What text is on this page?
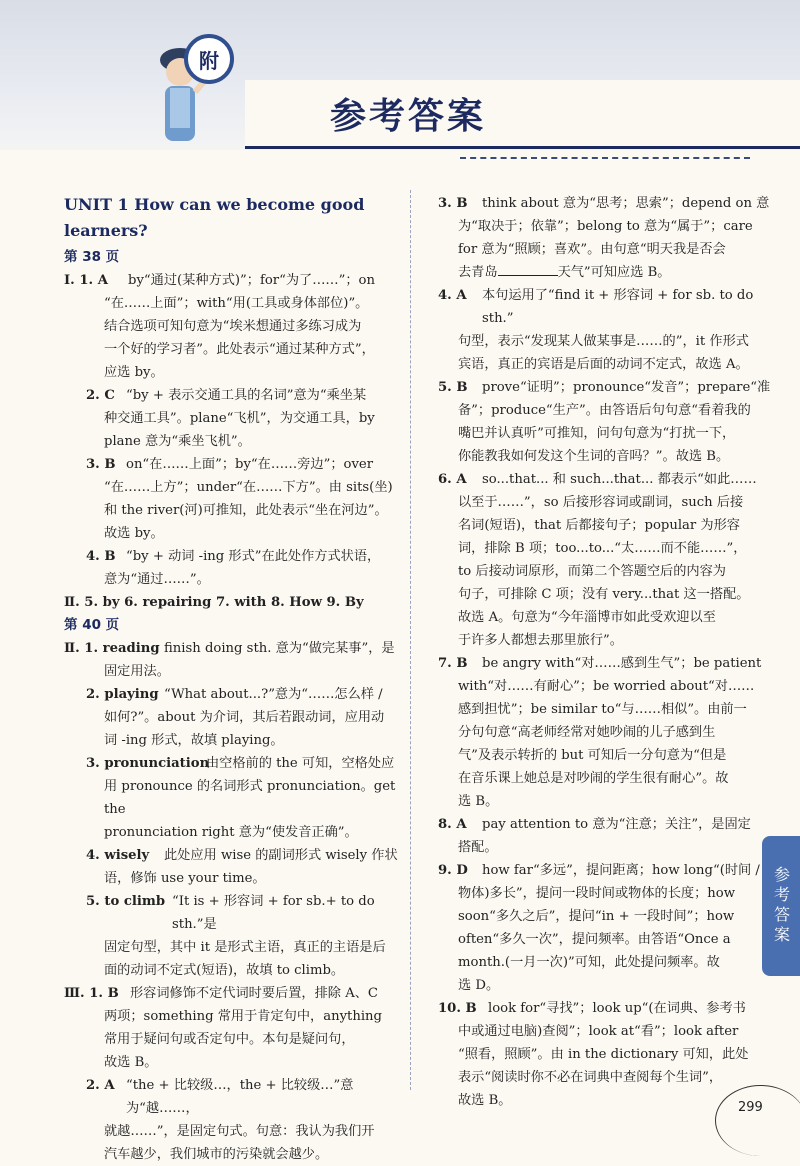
附
参考答案
UNIT 1 How can we become good learners?
第 38 页
Ⅰ. 1. A by“通过(某种方式)”；for“为了……”；on
“在……上面”；with“用(工具或身体部位)”。
结合选项可知句意为“埃米想通过多练习成为
一个好的学习者”。此处表示“通过某种方式”，
应选 by。
2. C “by + 表示交通工具的名词”意为“乘坐某
种交通工具”。plane“飞机”，为交通工具，by
plane 意为“乘坐飞机”。
3. B on“在……上面”；by“在……旁边”；over
“在……上方”；under“在……下方”。由 sits(坐)
和 the river(河)可推知，此处表示“坐在河边”。
故选 by。
4. B “by + 动词 -ing 形式”在此处作方式状语，
意为“通过……”。
Ⅱ. 5. by 6. repairing 7. with 8. How 9. By
第 40 页
Ⅱ. 1. reading finish doing sth. 意为“做完某事”，是
固定用法。
2. playing “What about...?”意为“……怎么样 /
如何?”。about 为介词，其后若跟动词，应用动
词 -ing 形式，故填 playing。
3. pronunciation
由空格前的 the 可知，空格处应
用 pronounce 的名词形式 pronunciation。get the
pronunciation right 意为“使发音正确”。
4. wisely 此处应用 wise 的副词形式 wisely 作状
语，修饰 use your time。
5. to climb “It is + 形容词 + for sb.+ to do sth.”是
固定句型，其中 it 是形式主语，真正的主语是后
面的动词不定式(短语)，故填 to climb。
Ⅲ. 1. B 形容词修饰不定代词时要后置，排除 A、C
两项；something 常用于肯定句中，anything
常用于疑问句或否定句中。本句是疑问句，
故选 B。
2. A “the + 比较级…，the + 比较级…”意为“越……，
就越……”，是固定句式。句意：我认为我们开
汽车越少，我们城市的污染就会越少。
3. B think about 意为“思考；思索”；depend on 意
为“取决于；依靠”；belong to 意为“属于”；care
for 意为“照顾；喜欢”。由句意“明天我是否会
去青岛	天气”可知应选 B。
4. A 本句运用了“find it + 形容词 + for sb. to do sth.”
句型，表示“发现某人做某事是……的”，it 作形式
宾语，真正的宾语是后面的动词不定式，故选 A。
5. B prove“证明”；pronounce“发音”；prepare“准
备”；produce“生产”。由答语后句句意“看着我的
嘴巴并认真听”可推知，问句句意为“打扰一下，
你能教我如何发这个生词的音吗？”。故选 B。
6. A so...that... 和 such...that... 都表示“如此……
以至于……”，so 后接形容词或副词，such 后接
名词(短语)，that 后都接句子；popular 为形容
词，排除 B 项；too...to...“太……而不能……”，
to 后接动词原形，而第二个答题空后的内容为
句子，可排除 C 项；没有 very...that 这一搭配。
故选 A。句意为“今年淄博市如此受欢迎以至
于许多人都想去那里旅行”。
7. B be angry with“对……感到生气”；be patient
with“对……有耐心”；be worried about“对……
感到担忧”；be similar to“与……相似”。由前一
分句句意“高老师经常对她吵闹的儿子感到生
气”及表示转折的 but 可知后一分句意为“但是
在音乐课上她总是对吵闹的学生很有耐心”。故
选 B。
8. A pay attention to 意为“注意；关注”，是固定
搭配。
9. D how far“多远”，提问距离；how long“(时间 /
物体)多长”，提问一段时间或物体的长度；how
soon“多久之后”，提问“in + 一段时间”；how
often“多久一次”，提问频率。由答语“Once a
month.(一月一次)”可知，此处提问频率。故
选 D。
10. B look for“寻找”；look up“(在词典、参考书
中或通过电脑)查阅”；look at“看”；look after
“照看，照顾”。由 in the dictionary 可知，此处
表示“阅读时你不必在词典中查阅每个生词”，
故选 B。
参考答案
299
